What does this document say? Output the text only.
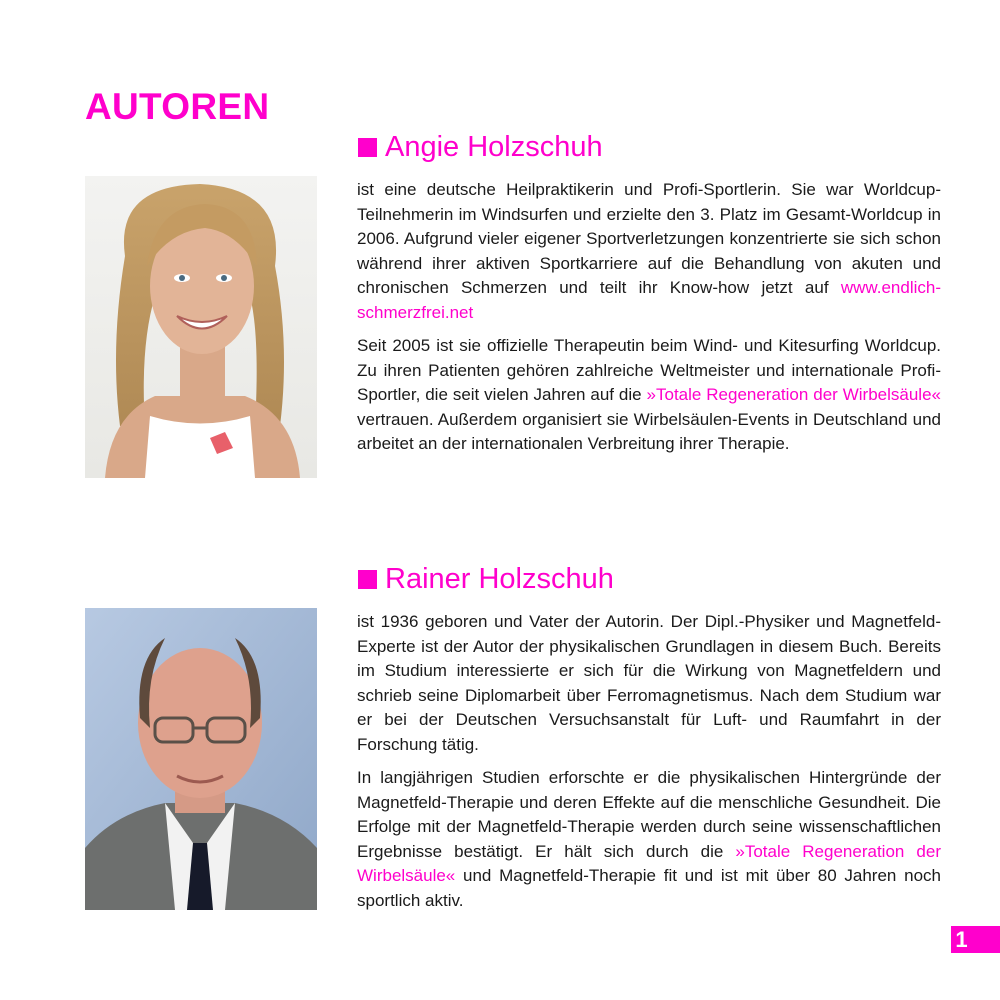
AUTOREN
Angie Holzschuh

ist eine deutsche Heilpraktikerin und Profi-Sportlerin. Sie war Worldcup-Teilnehmerin im Windsurfen und erzielte den 3. Platz im Gesamt-Worldcup in 2006. Aufgrund vieler eigener Sportverletzungen konzentrierte sie sich schon während ihrer aktiven Sportkarriere auf die Behandlung von akuten und chronischen Schmerzen und teilt ihr Know-how jetzt auf www.endlich-schmerzfrei.net

Seit 2005 ist sie offizielle Therapeutin beim Wind- und Kitesurfing Worldcup. Zu ihren Patienten gehören zahlreiche Weltmeister und internationale Profi-Sportler, die seit vielen Jahren auf die »Totale Regeneration der Wirbelsäule« vertrauen. Außerdem organisiert sie Wirbelsäulen-Events in Deutschland und arbeitet an der internationalen Verbreitung ihrer Therapie.

Rainer Holzschuh

ist 1936 geboren und Vater der Autorin. Der Dipl.-Physiker und Magnetfeld-Experte ist der Autor der physikalischen Grundlagen in diesem Buch. Bereits im Studium interessierte er sich für die Wirkung von Magnetfeldern und schrieb seine Diplomarbeit über Ferromagnetismus. Nach dem Studium war er bei der Deutschen Versuchsanstalt für Luft- und Raumfahrt in der Forschung tätig.

In langjährigen Studien erforschte er die physikalischen Hintergründe der Magnetfeld-Therapie und deren Effekte auf die menschliche Gesundheit. Die Erfolge mit der Magnetfeld-Therapie werden durch seine wissenschaftlichen Ergebnisse bestätigt. Er hält sich durch die »Totale Regeneration der Wirbelsäule« und Magnetfeld-Therapie fit und ist mit über 80 Jahren noch sportlich aktiv.

1
